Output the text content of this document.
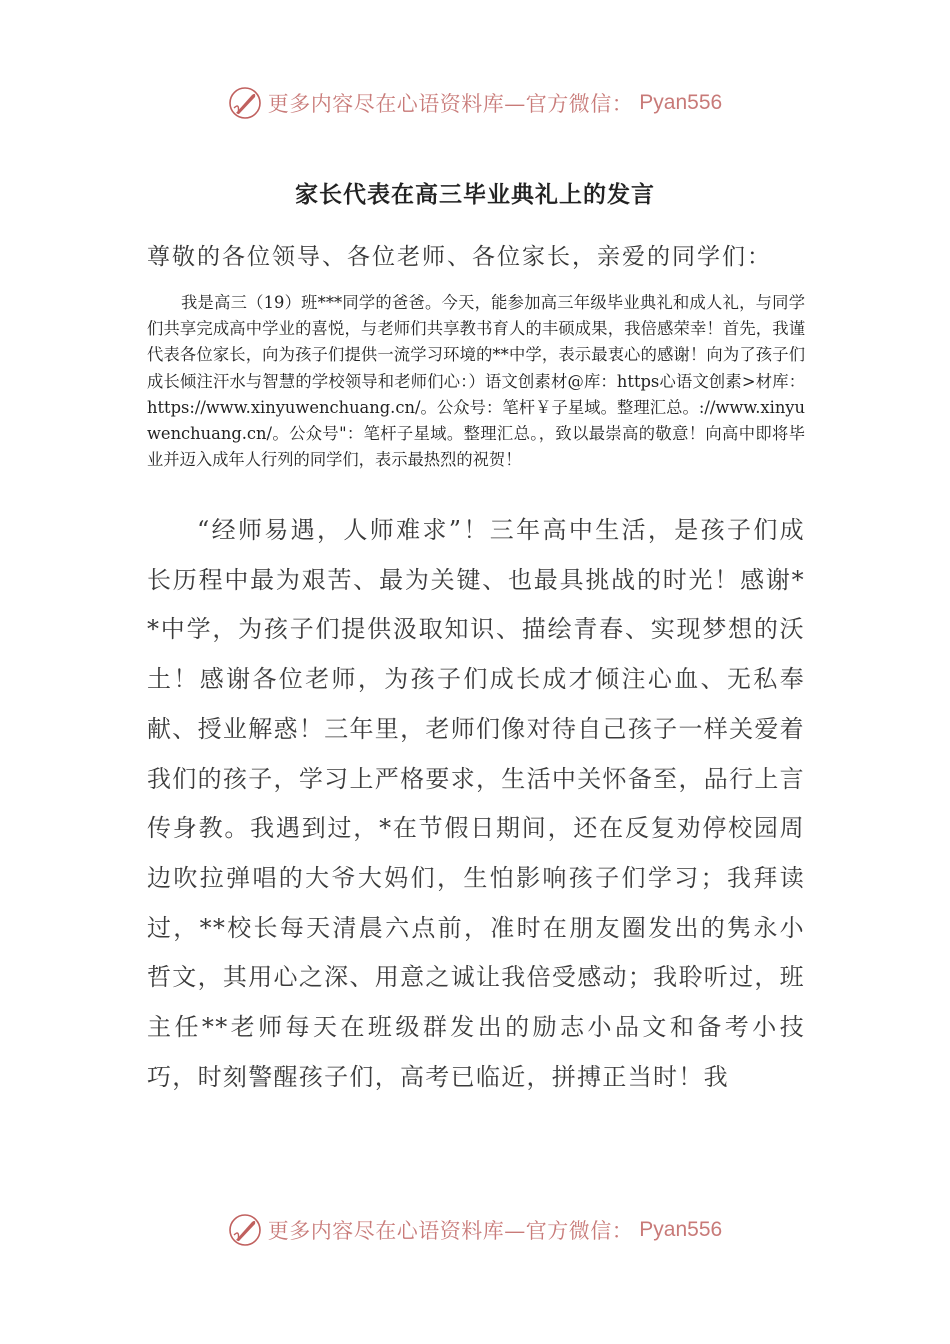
更多内容尽在心语资料库—官方微信： Pyan556
家长代表在高三毕业典礼上的发言
尊敬的各位领导、各位老师、各位家长，亲爱的同学们：
我是高三（19）班***同学的爸爸。今天，能参加高三年级毕业典礼和成人礼，与同学们共享完成高中学业的喜悦，与老师们共享教书育人的丰硕成果，我倍感荣幸！首先，我谨代表各位家长，向为孩子们提供一流学习环境的**中学，表示最衷心的感谢！向为了孩子们成长倾注汗水与智慧的学校领导和老师们心：）语文创素材@库：https心语文创素>材库：https://www.xinyuwenchuang.cn/。公众号：笔杆￥子星域。整理汇总。://www.xinyuwenchuang.cn/。公众号"：笔杆子星域。整理汇总。，致以最崇高的敬意！向高中即将毕业并迈入成年人行列的同学们，表示最热烈的祝贺！
“经师易遇，人师难求”！三年高中生活，是孩子们成长历程中最为艰苦、最为关键、也最具挑战的时光！感谢**中学，为孩子们提供汲取知识、描绘青春、实现梦想的沃土！感谢各位老师，为孩子们成长成才倾注心血、无私奉献、授业解惑！三年里，老师们像对待自己孩子一样关爱着我们的孩子，学习上严格要求，生活中关怀备至，品行上言传身教。我遇到过，*在节假日期间，还在反复劝停校园周边吹拉弹唱的大爷大妈们，生怕影响孩子们学习；我拜读过，**校长每天清晨六点前，准时在朋友圈发出的隽永小哲文，其用心之深、用意之诚让我倍受感动；我聆听过，班主任**老师每天在班级群发出的励志小品文和备考小技巧，时刻警醒孩子们，高考已临近，拼搏正当时！我
更多内容尽在心语资料库—官方微信： Pyan556
